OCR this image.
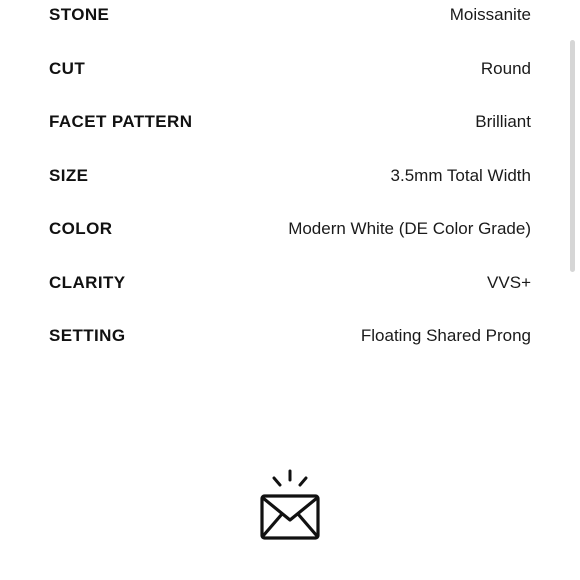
STONE	Moissanite
CUT	Round
FACET PATTERN	Brilliant
SIZE	3.5mm Total Width
COLOR	Modern White (DE Color Grade)
CLARITY	VVS+
SETTING	Floating Shared Prong
